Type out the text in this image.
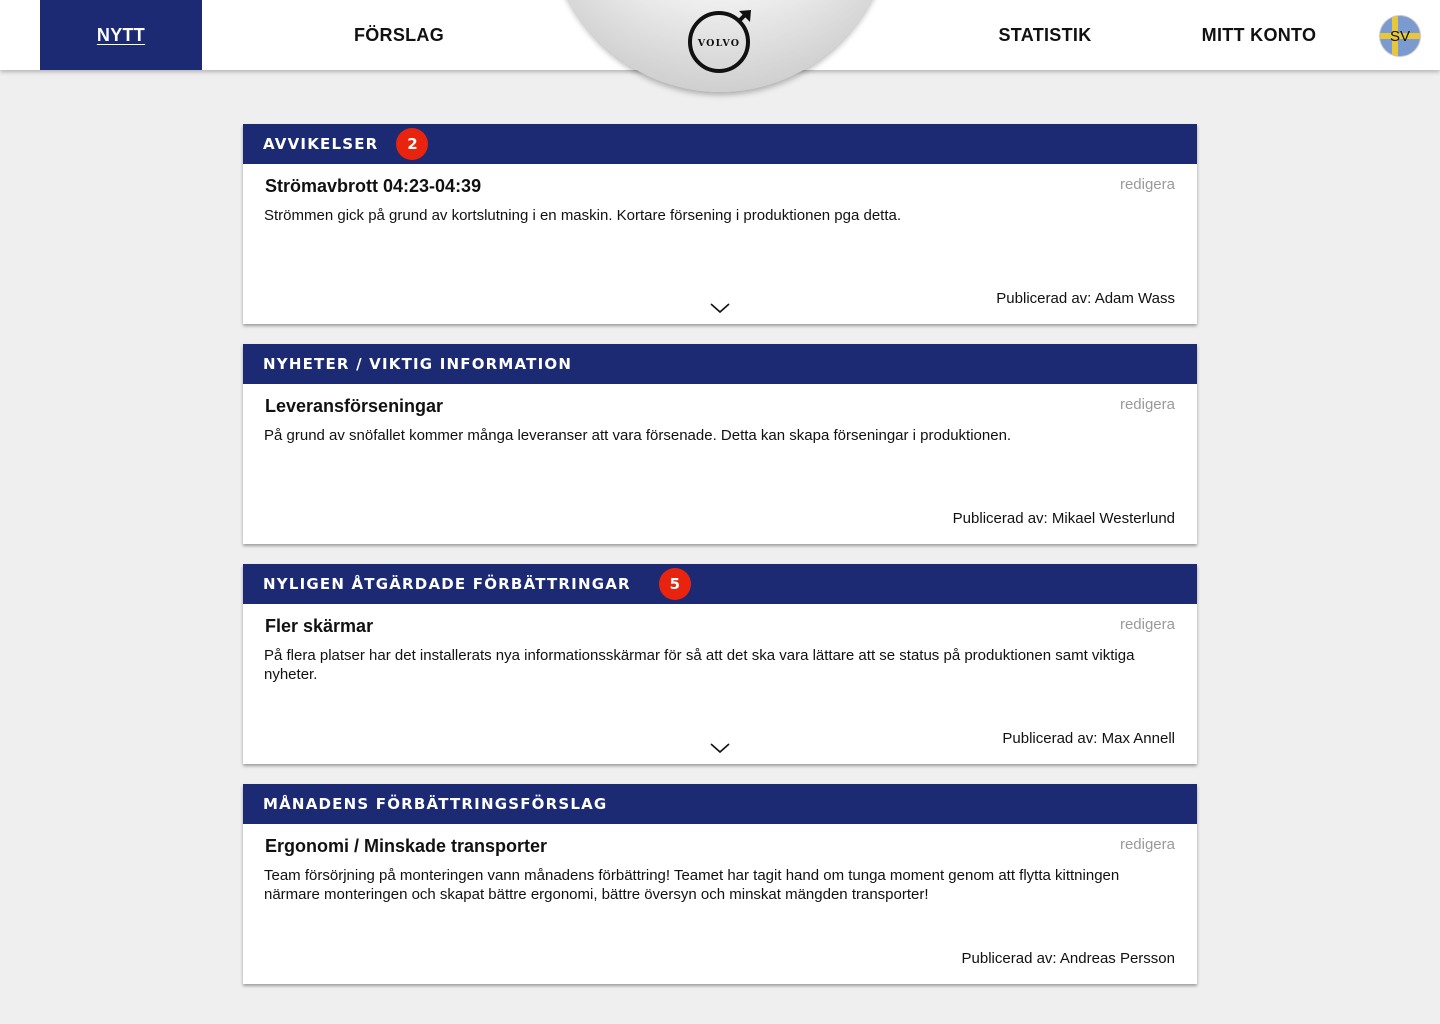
NYTT	FÖRSLAG	STATISTIK	MITT KONTO	SV
VOLVO
AVVIKELSER	2
Strömavbrott 04:23-04:39	redigera
Strömmen gick på grund av kortslutning i en maskin. Kortare försening i produktionen pga detta.
Publicerad av: Adam Wass
NYHETER / VIKTIG INFORMATION
Leveransförseningar	redigera
På grund av snöfallet kommer många leveranser att vara försenade. Detta kan skapa förseningar i produktionen.
Publicerad av: Mikael Westerlund
NYLIGEN ÅTGÄRDADE FÖRBÄTTRINGAR	5
Fler skärmar	redigera
På flera platser har det installerats nya informationsskärmar för så att det ska vara lättare att se status på produktionen samt viktiga nyheter.
Publicerad av: Max Annell
MÅNADENS FÖRBÄTTRINGSFÖRSLAG
Ergonomi / Minskade transporter	redigera
Team försörjning på monteringen vann månadens förbättring! Teamet har tagit hand om tunga moment genom att flytta kittningen närmare monteringen och skapat bättre ergonomi, bättre översyn och minskat mängden transporter!
Publicerad av: Andreas Persson
